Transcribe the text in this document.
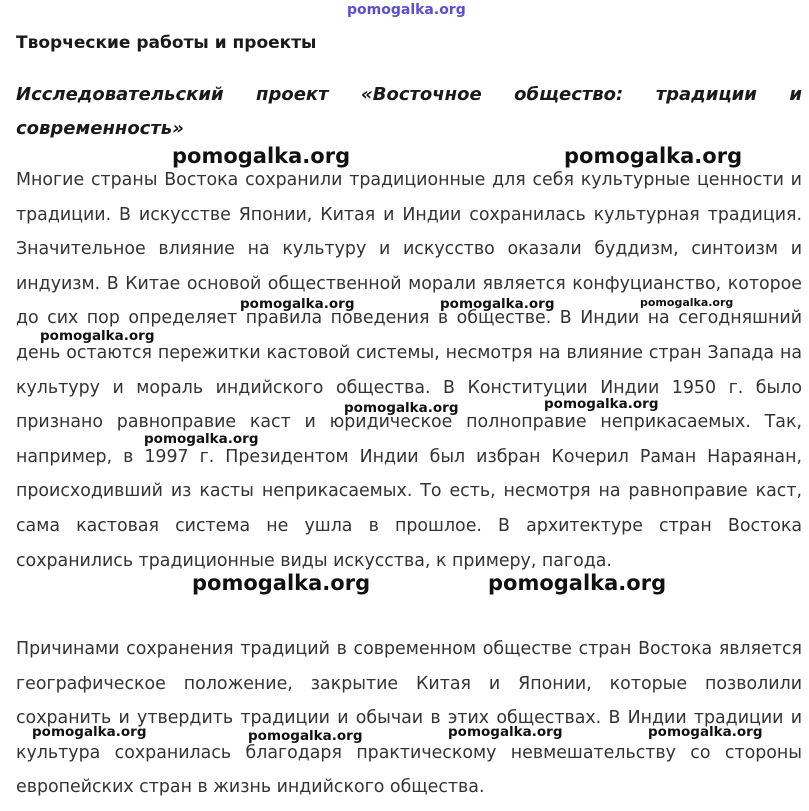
pomogalka.org
Творческие работы и проекты
Исследовательский проект «Восточное общество: традиции и современность»

Многие страны Востока сохранили традиционные для себя культурные ценности и традиции. В искусстве Японии, Китая и Индии сохранилась культурная традиция. Значительное влияние на культуру и искусство оказали буддизм, синтоизм и индуизм. В Китае основой общественной морали является конфуцианство, которое до сих пор определяет правила поведения в обществе. В Индии на сегодняшний день остаются пережитки кастовой системы, несмотря на влияние стран Запада на культуру и мораль индийского общества. В Конституции Индии 1950 г. было признано равноправие каст и юридическое полноправие неприкасаемых. Так, например, в 1997 г. Президентом Индии был избран Кочерил Раман Нараянан, происходивший из касты неприкасаемых. То есть, несмотря на равноправие каст, сама кастовая система не ушла в прошлое. В архитектуре стран Востока сохранились традиционные виды искусства, к примеру, пагода.

Причинами сохранения традиций в современном обществе стран Востока является географическое положение, закрытие Китая и Японии, которые позволили сохранить и утвердить традиции и обычаи в этих обществах. В Индии традиции и культура сохранилась благодаря практическому невмешательству со стороны европейских стран в жизнь индийского общества.

pomogalka.org	pomogalka.org
pomogalka.org	pomogalka.org	pomogalka.org
pomogalka.org
pomogalka.org	pomogalka.org
pomogalka.org
pomogalka.org	pomogalka.org
pomogalka.org	pomogalka.org	pomogalka.org	pomogalka.org
